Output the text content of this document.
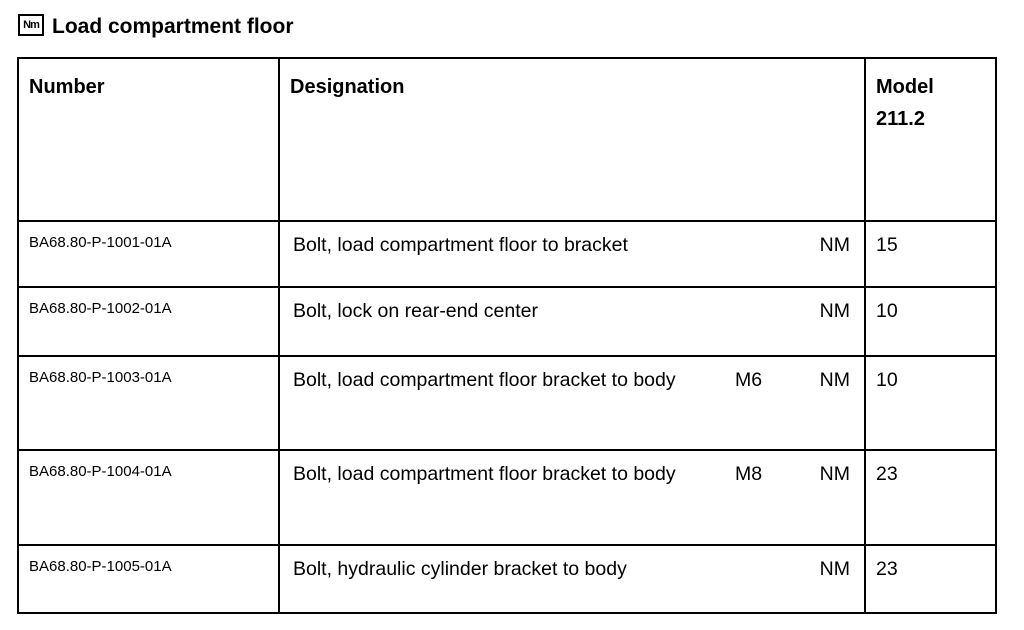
Nm Load compartment floor
Number	Designation	Model
211.2
BA68.80-P-1001-01A	Bolt, load compartment floor to bracket NM	15
BA68.80-P-1002-01A	Bolt, lock on rear-end center NM	10
BA68.80-P-1003-01A	Bolt, load compartment floor bracket to body M6 NM	10
BA68.80-P-1004-01A	Bolt, load compartment floor bracket to body M8 NM	23
BA68.80-P-1005-01A	Bolt, hydraulic cylinder bracket to body NM	23
